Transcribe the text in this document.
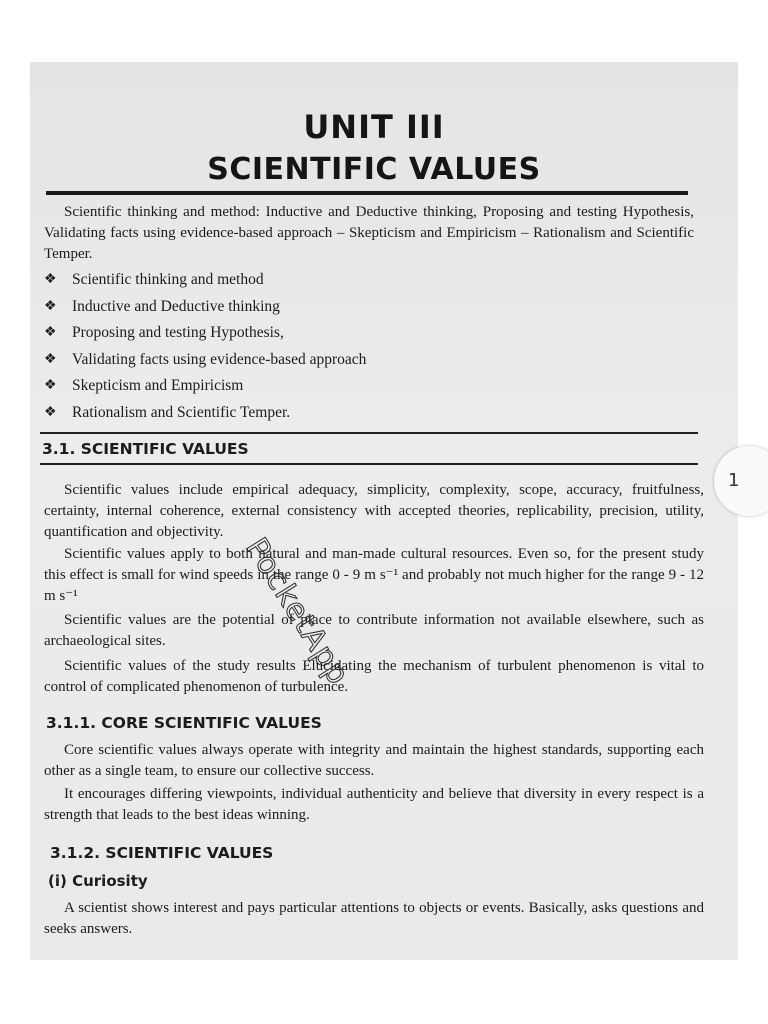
UNIT III
SCIENTIFIC VALUES
Scientific thinking and method: Inductive and Deductive thinking, Proposing and testing Hypothesis, Validating facts using evidence-based approach – Skepticism and Empiricism – Rationalism and Scientific Temper.
❖ Scientific thinking and method
❖ Inductive and Deductive thinking
❖ Proposing and testing Hypothesis,
❖ Validating facts using evidence-based approach
❖ Skepticism and Empiricism
❖ Rationalism and Scientific Temper.
3.1. SCIENTIFIC VALUES
Scientific values include empirical adequacy, simplicity, complexity, scope, accuracy, fruitfulness, certainty, internal coherence, external consistency with accepted theories, replicability, precision, utility, quantification and objectivity.
Scientific values apply to both natural and man-made cultural resources. Even so, for the present study this effect is small for wind speeds in the range 0 - 9 m s⁻¹ and probably not much higher for the range 9 - 12 m s⁻¹
Scientific values are the potential of place to contribute information not available elsewhere, such as archaeological sites.
Scientific values of the study results Elucidating the mechanism of turbulent phenomenon is vital to control of complicated phenomenon of turbulence.
3.1.1. CORE SCIENTIFIC VALUES
Core scientific values always operate with integrity and maintain the highest standards, supporting each other as a single team, to ensure our collective success.
It encourages differing viewpoints, individual authenticity and believe that diversity in every respect is a strength that leads to the best ideas winning.
3.1.2. SCIENTIFIC VALUES
(i) Curiosity
A scientist shows interest and pays particular attentions to objects or events. Basically, asks questions and seeks answers.
PocketApp
1
